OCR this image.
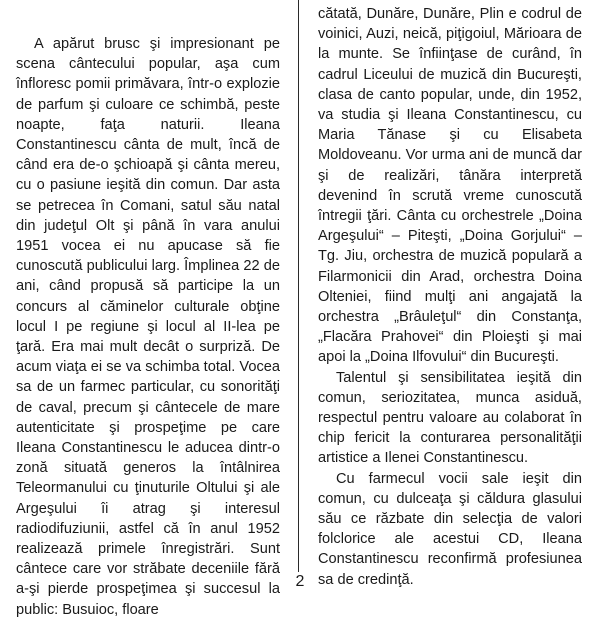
A apărut brusc şi impresionant pe scena cântecului popular, aşa cum înfloresc pomii primăvara, într-o explozie de parfum şi culoare ce schimbă, peste noapte, faţa naturii. Ileana Constantinescu cânta de mult, încă de când era de-o şchioapă şi cânta mereu, cu o pasiune ieşită din comun. Dar asta se petrecea în Comani, satul său natal din judeţul Olt şi până în vara anului 1951 vocea ei nu apucase să fie cunoscută publicului larg. Împlinea 22 de ani, când propusă să participe la un concurs al căminelor culturale obţine locul I pe regiune şi locul al II-lea pe ţară. Era mai mult decât o surpriză. De acum viaţa ei se va schimba total. Vocea sa de un farmec particular, cu sonorităţi de caval, precum şi cântecele de mare autenticitate şi prospeţime pe care Ileana Constantinescu le aducea dintr-o zonă situată generos la întâlnirea Teleormanului cu ţinuturile Oltului şi ale Argeşului îi atrag şi interesul radiodifuziunii, astfel că în anul 1952 realizează primele înregistrări. Sunt cântece care vor străbate deceniile fără a-şi pierde prospeţimea şi succesul la public: Busuioc, floare

cătată, Dunăre, Dunăre, Plin e codrul de voinici, Auzi, neică, piţigoiul, Mărioara de la munte. Se înfiinţase de curând, în cadrul Liceului de muzică din Bucureşti, clasa de canto popular, unde, din 1952, va studia şi Ileana Constantinescu, cu Maria Tănase şi cu Elisabeta Moldoveanu. Vor urma ani de muncă dar şi de realizări, tânăra interpretă devenind în scrută vreme cunoscută întregii ţări. Cânta cu orchestrele „Doina Argeşului“ – Piteşti, „Doina Gorjului“ – Tg. Jiu, orchestra de muzică populară a Filarmonicii din Arad, orchestra Doina Olteniei, fiind mulţi ani angajată la orchestra „Brâuleţul“ din Constanţa, „Flacăra Prahovei“ din Ploieşti şi mai apoi la „Doina Ilfovului“ din Bucureşti.

Talentul şi sensibilitatea ieşită din comun, seriozitatea, munca asiduă, respectul pentru valoare au colaborat în chip fericit la conturarea personalităţii artistice a Ilenei Constantinescu.

Cu farmecul vocii sale ieşit din comun, cu dulceaţa şi căldura glasului său ce răzbate din selecţia de valori folclorice ale acestui CD, Ileana Constantinescu reconfirmă profesiunea sa de credinţă.

2
